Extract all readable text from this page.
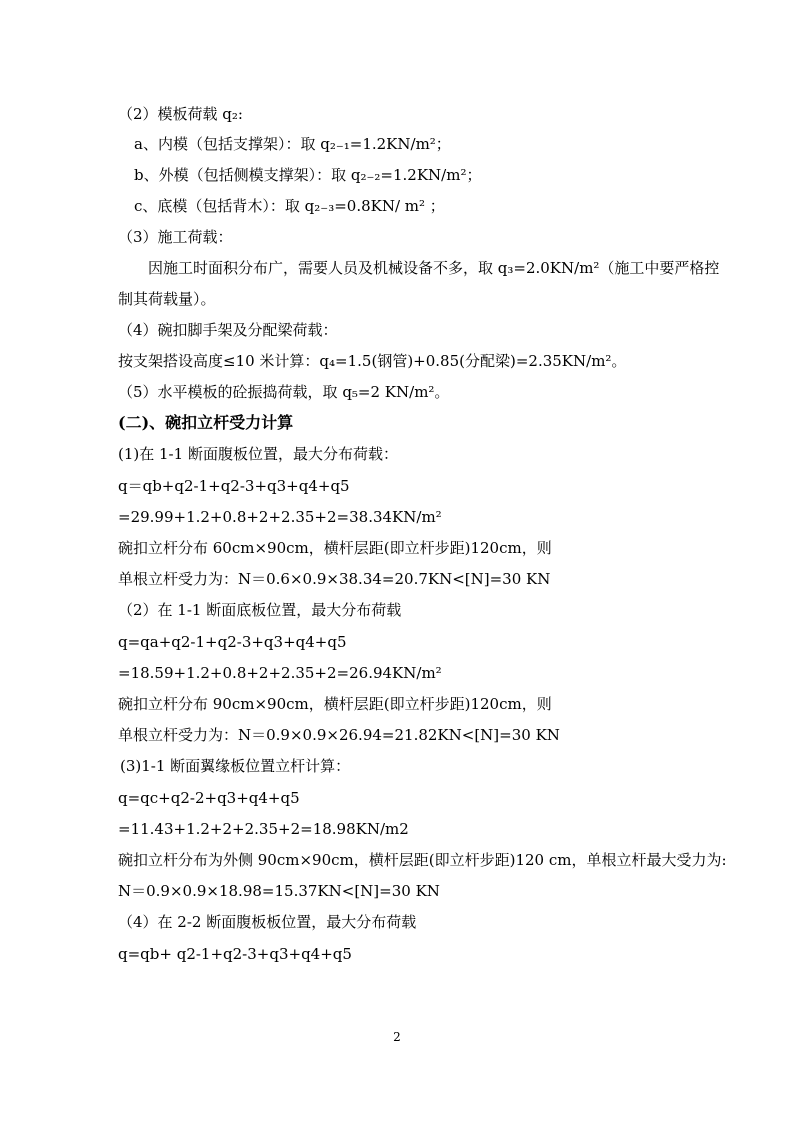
（2）模板荷载 q₂:
a、内模（包括支撑架）：取 q₂₋₁=1.2KN/m²；
b、外模（包括侧模支撑架）：取 q₂₋₂=1.2KN/m²；
c、底模（包括背木）：取 q₂₋₃=0.8KN/ m² ；
（3）施工荷载：
因施工时面积分布广，需要人员及机械设备不多，取 q₃=2.0KN/m²（施工中要严格控
制其荷载量）。
（4）碗扣脚手架及分配梁荷载：
按支架搭设高度≤10 米计算：q₄=1.5(钢管)+0.85(分配梁)=2.35KN/m²。
（5）水平模板的砼振捣荷载，取 q₅=2 KN/m²。
(二)、碗扣立杆受力计算
(1)在 1-1 断面腹板位置，最大分布荷载：
q＝qb+q2-1+q2-3+q3+q4+q5
=29.99+1.2+0.8+2+2.35+2=38.34KN/m²
碗扣立杆分布 60cm×90cm，横杆层距(即立杆步距)120cm，则
单根立杆受力为：N＝0.6×0.9×38.34=20.7KN<[N]=30 KN
（2）在 1-1 断面底板位置，最大分布荷载
q=qa+q2-1+q2-3+q3+q4+q5
=18.59+1.2+0.8+2+2.35+2=26.94KN/m²
碗扣立杆分布 90cm×90cm，横杆层距(即立杆步距)120cm，则
单根立杆受力为：N＝0.9×0.9×26.94=21.82KN<[N]=30 KN
(3)1-1 断面翼缘板位置立杆计算：
q=qc+q2-2+q3+q4+q5
=11.43+1.2+2+2.35+2=18.98KN/m2
碗扣立杆分布为外侧 90cm×90cm，横杆层距(即立杆步距)120 cm，单根立杆最大受力为:
N＝0.9×0.9×18.98=15.37KN<[N]=30 KN
（4）在 2-2 断面腹板板位置，最大分布荷载
q=qb+ q2-1+q2-3+q3+q4+q5
2
